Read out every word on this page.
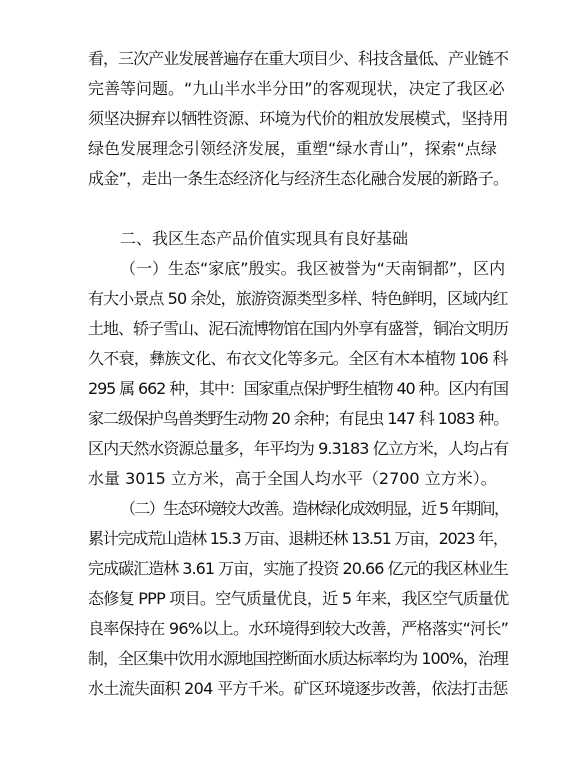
看，三次产业发展普遍存在重大项目少、科技含量低、产业链不
完善等问题。“九山半水半分田”的客观现状，决定了我区必
须坚决摒弃以牺牲资源、环境为代价的粗放发展模式，坚持用
绿色发展理念引领经济发展，重塑“绿水青山”，探索“点绿
成金”，走出一条生态经济化与经济生态化融合发展的新路子。
二、我区生态产品价值实现具有良好基础
（一）生态“家底”殷实。我区被誉为“天南铜都”，区内
有大小景点 50 余处，旅游资源类型多样、特色鲜明，区域内红
土地、轿子雪山、泥石流博物馆在国内外享有盛誉，铜冶文明历
久不衰，彝族文化、布衣文化等多元。全区有木本植物 106 科
295 属 662 种，其中：国家重点保护野生植物 40 种。区内有国
家二级保护鸟兽类野生动物 20 余种；有昆虫 147 科 1083 种。
区内天然水资源总量多，年平均为 9.3183 亿立方米，人均占有
水量 3015 立方米，高于全国人均水平（2700 立方米）。
（二）生态环境较大改善。造林绿化成效明显，近 5 年期间，
累计完成荒山造林 15.3 万亩、退耕还林 13.51 万亩，2023 年，
完成碳汇造林 3.61 万亩，实施了投资 20.66 亿元的我区林业生
态修复 PPP 项目。空气质量优良，近 5 年来，我区空气质量优
良率保持在 96%以上。水环境得到较大改善，严格落实“河长”
制，全区集中饮用水源地国控断面水质达标率均为 100%，治理
水土流失面积 204 平方千米。矿区环境逐步改善，依法打击惩
